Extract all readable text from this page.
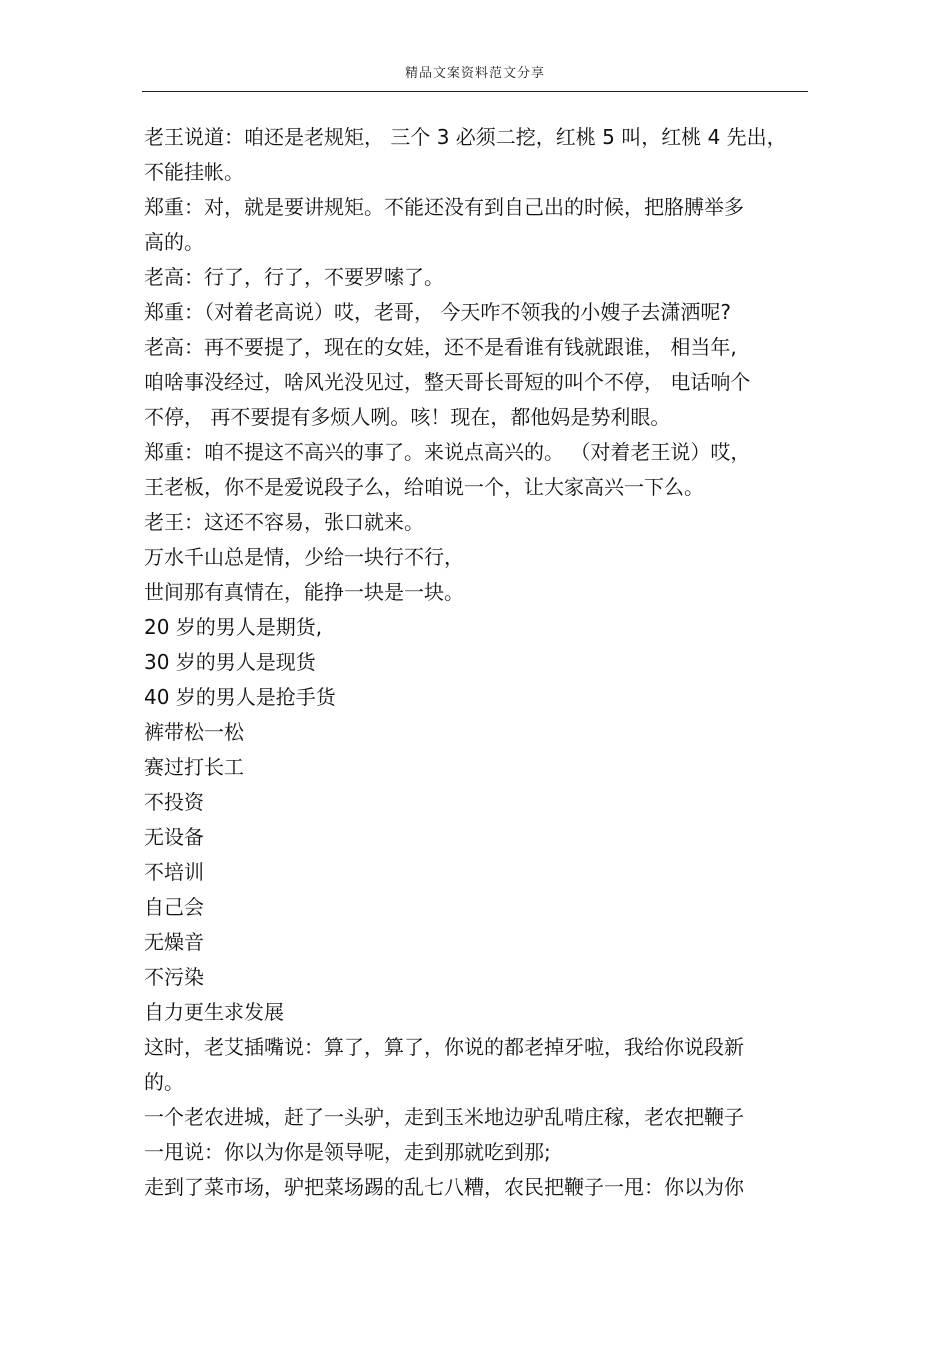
精品文案资料范文分享
老王说道：咱还是老规矩， 三个 3 必须二挖，红桃 5 叫，红桃 4 先出，
不能挂帐。
郑重：对，就是要讲规矩。不能还没有到自己出的时候，把胳膊举多
高的。
老高：行了，行了，不要罗嗦了。
郑重：（对着老高说）哎，老哥， 今天咋不领我的小嫂子去潇洒呢?
老高：再不要提了，现在的女娃，还不是看谁有钱就跟谁， 相当年,
咱啥事没经过，啥风光没见过，整天哥长哥短的叫个不停， 电话响个
不停， 再不要提有多烦人咧。咳！现在，都他妈是势利眼。
郑重：咱不提这不高兴的事了。来说点高兴的。 （对着老王说）哎，
王老板，你不是爱说段子么，给咱说一个，让大家高兴一下么。
老王：这还不容易，张口就来。
万水千山总是情，少给一块行不行，
世间那有真情在，能挣一块是一块。
20 岁的男人是期货,
30 岁的男人是现货
40 岁的男人是抢手货
裤带松一松
赛过打长工
不投资
无设备
不培训
自己会
无燥音
不污染
自力更生求发展
这时，老艾插嘴说：算了，算了，你说的都老掉牙啦，我给你说段新
的。
一个老农进城，赶了一头驴，走到玉米地边驴乱啃庄稼，老农把鞭子
一甩说：你以为你是领导呢，走到那就吃到那;
走到了菜市场，驴把菜场踢的乱七八糟，农民把鞭子一甩：你以为你
